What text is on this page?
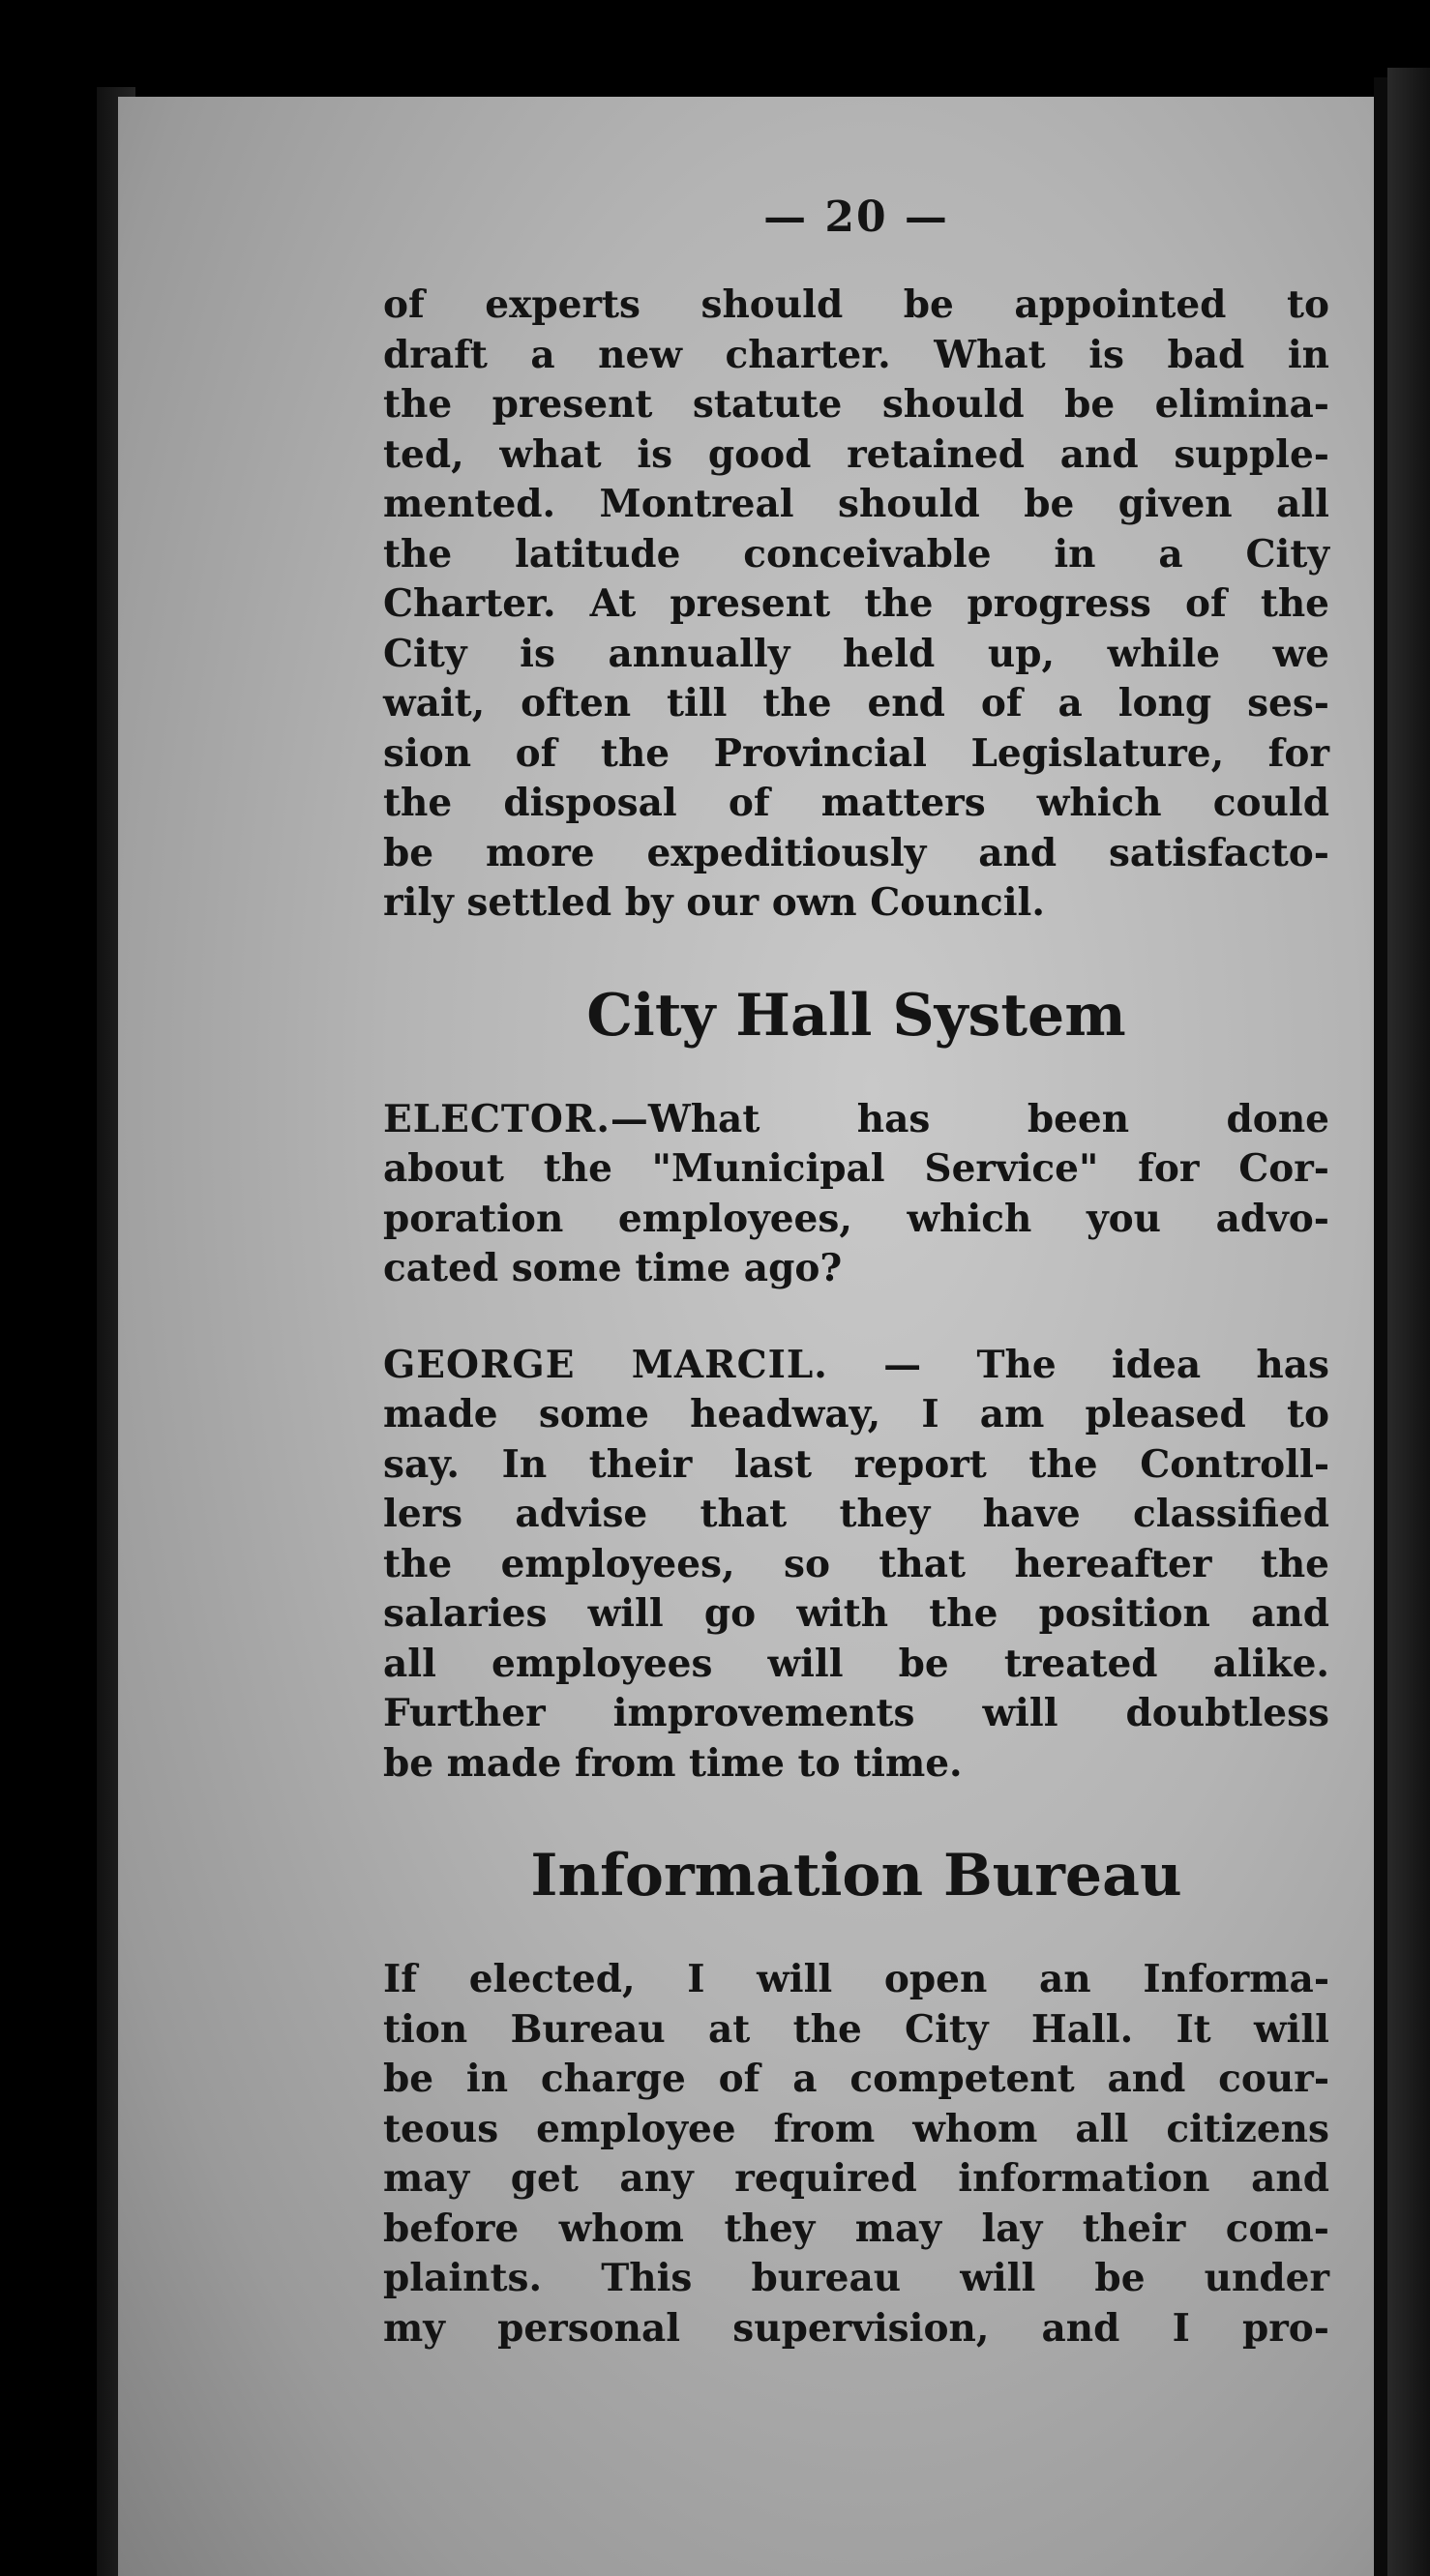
— 20 —
of experts should be appointed to
draft a new charter. What is bad in
the present statute should be elimina-
ted, what is good retained and supple-
mented. Montreal should be given all
the latitude conceivable in a City
Charter. At present the progress of the
City is annually held up, while we
wait, often till the end of a long ses-
sion of the Provincial Legislature, for
the disposal of matters which could
be more expeditiously and satisfacto-
rily settled by our own Council.
City Hall System
ELECTOR.—What has been done
about the "Municipal Service" for Cor-
poration employees, which you advo-
cated some time ago?
GEORGE MARCIL. — The idea has
made some headway, I am pleased to
say. In their last report the Controll-
lers advise that they have classified
the employees, so that hereafter the
salaries will go with the position and
all employees will be treated alike.
Further improvements will doubtless
be made from time to time.
Information Bureau
If elected, I will open an Informa-
tion Bureau at the City Hall. It will
be in charge of a competent and cour-
teous employee from whom all citizens
may get any required information and
before whom they may lay their com-
plaints. This bureau will be under
my personal supervision, and I pro-
